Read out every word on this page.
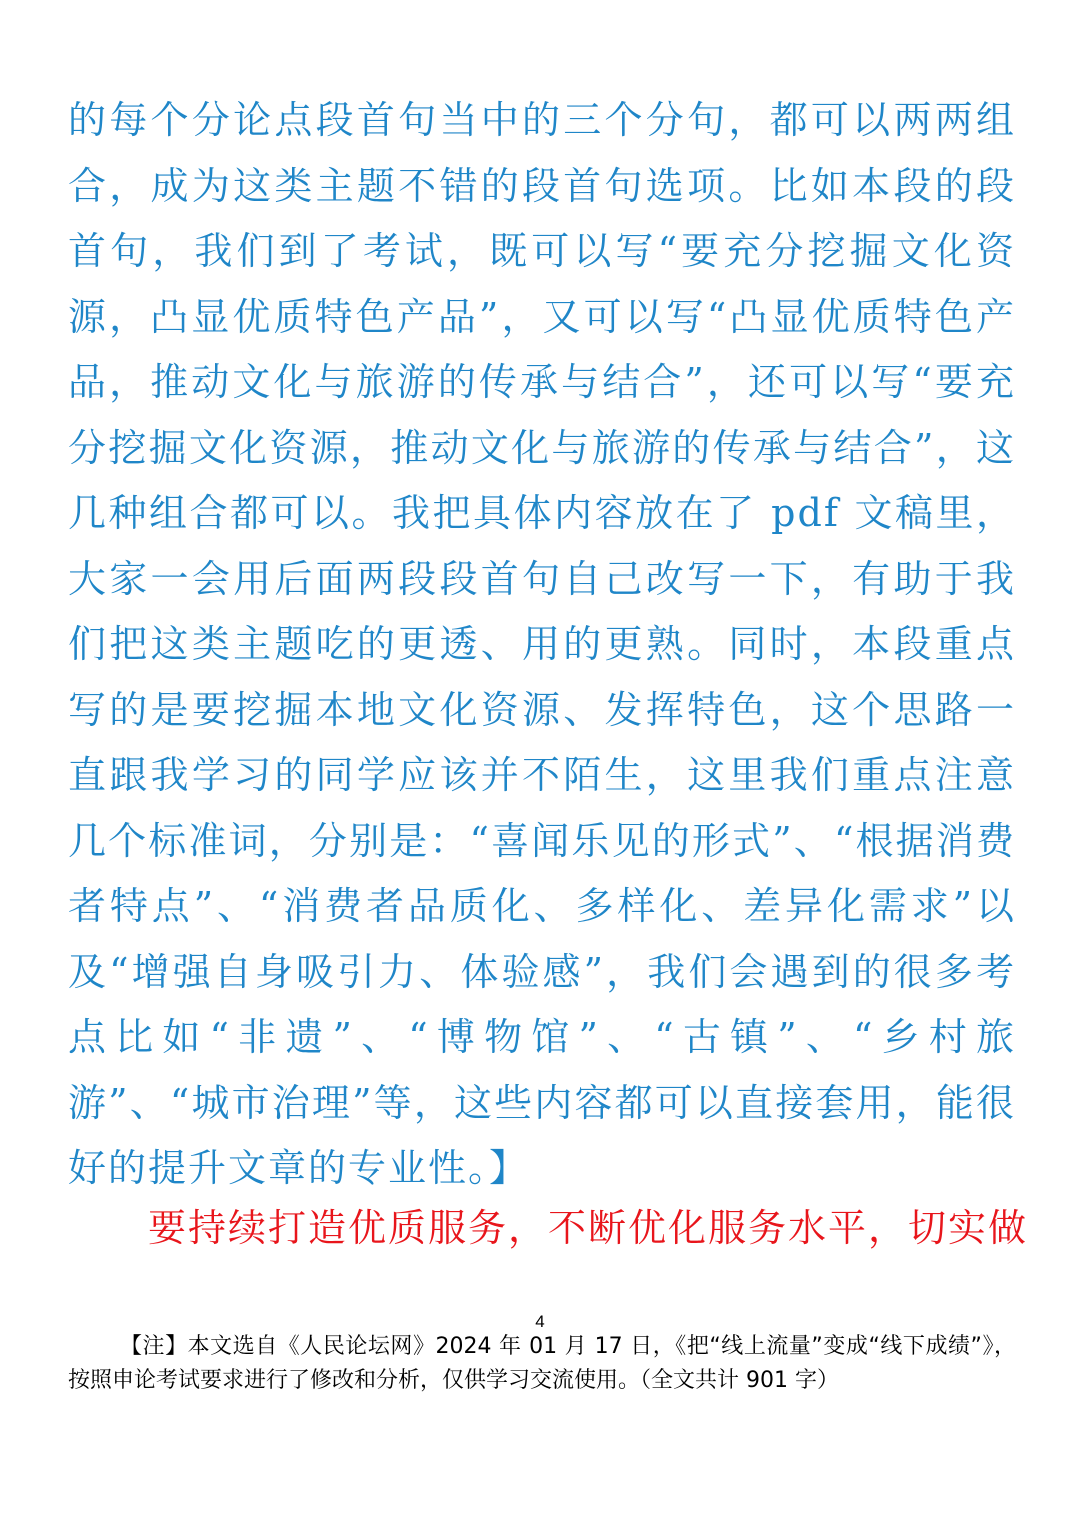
的每个分论点段首句当中的三个分句，都可以两两组合，成为这类主题不错的段首句选项。比如本段的段首句，我们到了考试，既可以写“要充分挖掘文化资源，凸显优质特色产品”，又可以写“凸显优质特色产品，推动文化与旅游的传承与结合”，还可以写“要充分挖掘文化资源，推动文化与旅游的传承与结合”，这几种组合都可以。我把具体内容放在了 pdf 文稿里，大家一会用后面两段段首句自己改写一下，有助于我们把这类主题吃的更透、用的更熟。同时，本段重点写的是要挖掘本地文化资源、发挥特色，这个思路一直跟我学习的同学应该并不陌生，这里我们重点注意几个标准词，分别是：“喜闻乐见的形式”、“根据消费者特点”、“消费者品质化、多样化、差异化需求”以及“增强自身吸引力、体验感”，我们会遇到的很多考点比如“非遗”、“博物馆”、“古镇”、“乡村旅游”、“城市治理”等，这些内容都可以直接套用，能很好的提升文章的专业性。】

要持续打造优质服务，不断优化服务水平，切实做

4

【注】本文选自《人民论坛网》2024 年 01 月 17 日，《把“线上流量”变成“线下成绩”》，按照申论考试要求进行了修改和分析，仅供学习交流使用。（全文共计 901 字）
